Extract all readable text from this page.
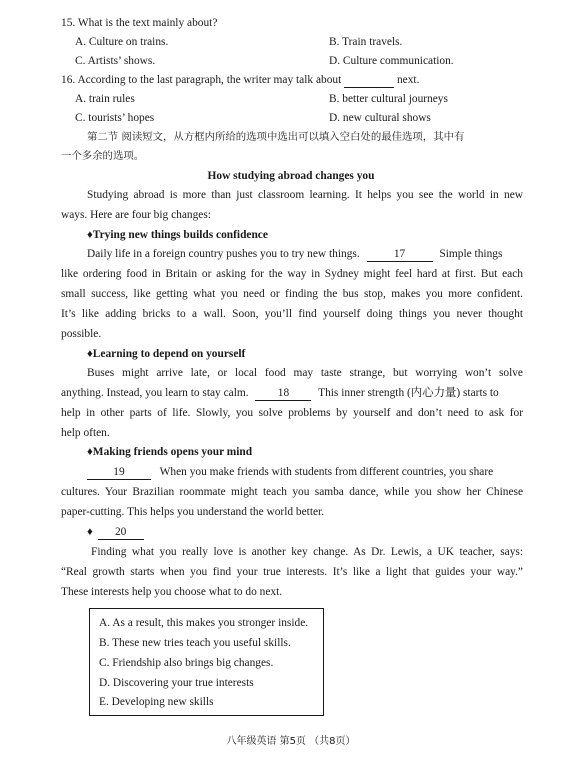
15. What is the text mainly about?
A. Culture on trains.	B. Train travels.
C. Artists’ shows.	D. Culture communication.
16. According to the last paragraph, the writer may talk about	next.
A. train rules	B. better cultural journeys
C. tourists’ hopes	D. new cultural shows
第二节 阅读短文，从方框内所给的选项中选出可以填入空白处的最佳选项，其中有
一个多余的选项。
How studying abroad changes you
Studying abroad is more than just classroom learning. It helps you see the world in new
ways. Here are four big changes:
♦Trying new things builds confidence
Daily life in a foreign country pushes you to try new things.	17	Simple things
like ordering food in Britain or asking for the way in Sydney might feel hard at first. But each
small success, like getting what you need or finding the bus stop, makes you more confident.
It’s like adding bricks to a wall. Soon, you’ll find yourself doing things you never thought
possible.
♦Learning to depend on yourself
Buses might arrive late, or local food may taste strange, but worrying won’t solve
anything. Instead, you learn to stay calm.	18	This inner strength (内心力量) starts to
help in other parts of life. Slowly, you solve problems by yourself and don’t need to ask for
help often.
♦Making friends opens your mind
19	When you make friends with students from different countries, you share
cultures. Your Brazilian roommate might teach you samba dance, while you show her Chinese
paper-cutting. This helps you understand the world better.
♦ 20
Finding what you really love is another key change. As Dr. Lewis, a UK teacher, says:
“Real growth starts when you find your true interests. It’s like a light that guides your way.”
These interests help you choose what to do next.
A. As a result, this makes you stronger inside.
B. These new tries teach you useful skills.
C. Friendship also brings big changes.
D. Discovering your true interests
E. Developing new skills
八年级英语 第5页 （共8页）
